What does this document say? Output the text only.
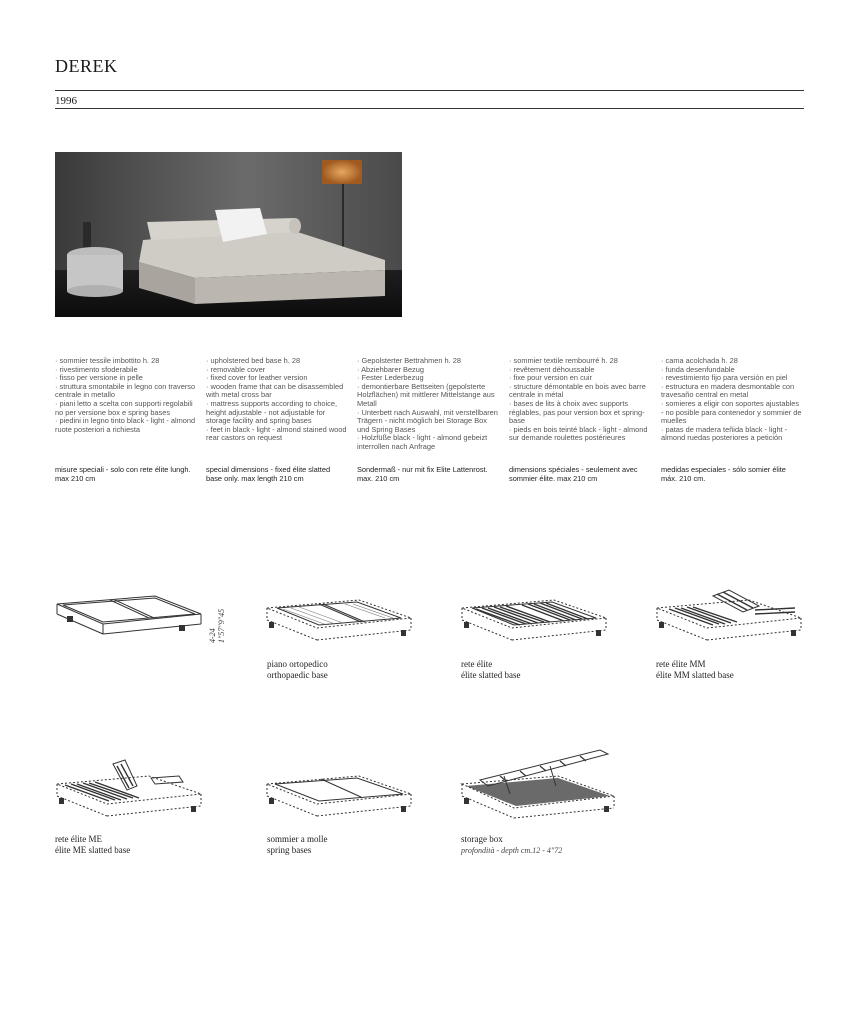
DEREK
1996

· sommier tessile imbottito h. 28

· rivestimento sfoderabile

· fisso per versione in pelle

· struttura smontabile in legno con traverso centrale in metallo

· piani letto a scelta con supporti regolabili no per versione box e spring bases

· piedini in legno tinto black - light - almond ruote posteriori a richiesta

misure speciali - solo con rete élite lungh. max 210 cm

· upholstered bed base h. 28

· removable cover

· fixed cover for leather version

· wooden frame that can be disassembled with metal cross bar

· mattress supports according to choice, height adjustable - not adjustable for storage facility and spring bases

· feet in black - light - almond stained wood rear castors on request

special dimensions - fixed élite slatted base only. max length 210 cm

· Gepolsterter Bettrahmen h. 28

· Abziehbarer Bezug

· Fester Lederbezug

· demontierbare Bettseiten (gepolsterte Holzflächen) mit mittlerer Mittelstange aus Metall

· Unterbett nach Auswahl, mit verstellbaren Trägern - nicht möglich bei Storage Box und Spring Bases

· Holzfüße black - light - almond gebeizt interrollen nach Anfrage

Sondermaß - nur mit fix Elite Lattenrost. max. 210 cm

· sommier textile rembourré h. 28

· revêtement déhoussable

· fixe pour version en cuir

· structure démontable en bois avec barre centrale in métal

· bases de lits à choix avec supports réglables, pas pour version box et spring-base

· pieds en bois teinté black - light - almond sur demande roulettes postérieures

dimensions spéciales - seulement avec sommier élite. max 210 cm

· cama acolchada h. 28

· funda desenfundable

· revestimiento fijo para versión en piel

· estructura en madera desmontable con travesaño central en metal

· somieres a eligir con soportes ajustables - no posible para contenedor y sommier de muelles

· patas de madera teñida black - light - almond ruedas posteriores a petición

medidas especiales - sólo somier élite máx. 210 cm.
4-24 1"57"9"45
piano ortopedico
orthopaedic base
rete élite
élite slatted base
rete élite MM
élite MM slatted base
rete élite ME
élite ME slatted base
sommier a molle
spring bases
storage box
profondità - depth cm.12 - 4"72
